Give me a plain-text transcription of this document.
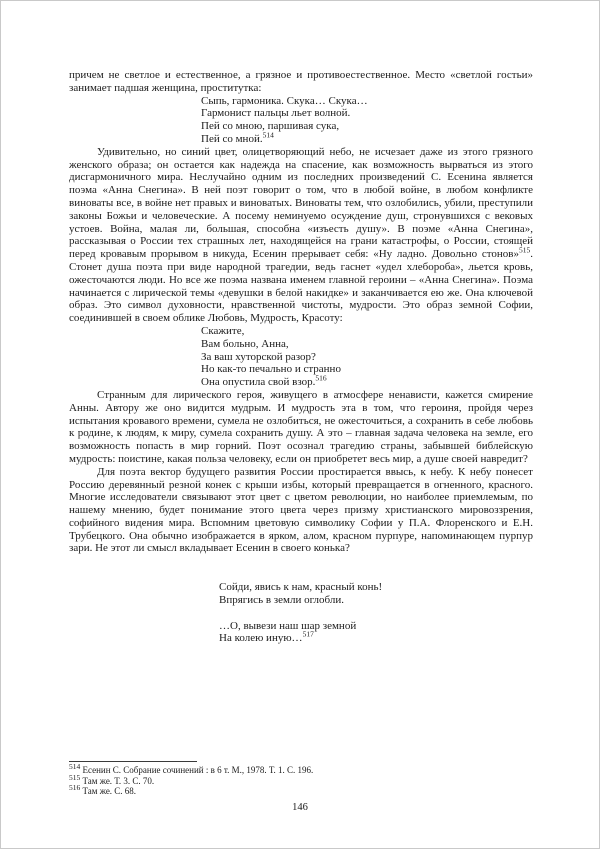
причем не светлое и естественное, а грязное и противоестественное. Место «светлой гостьи» занимает падшая женщина, проститутка:

Сыпь, гармоника. Скука… Скука…
Гармонист пальцы льет волной.
Пей со мною, паршивая сука,
Пей со мной.$^{514}$

Удивительно, но синий цвет, олицетворяющий небо, не исчезает даже из этого грязного женского образа; он остается как надежда на спасение, как возможность вырваться из этого дисгармоничного мира. Неслучайно одним из последних произведений С. Есенина является поэма «Анна Снегина». В ней поэт говорит о том, что в любой войне, в любом конфликте виноваты все, в войне нет правых и виноватых. Виноваты тем, что озлобились, убили, преступили законы Божьи и человеческие. А посему неминуемо осуждение душ, стронувшихся с вековых устоев. Война, малая ли, большая, способна «изъесть душу». В поэме «Анна Снегина», рассказывая о России тех страшных лет, находящейся на грани катастрофы, о России, стоящей перед кровавым прорывом в никуда, Есенин прерывает себя: «Ну ладно. Довольно стонов»$^{515}$. Стонет душа поэта при виде народной трагедии, ведь гаснет «удел хлебороба», льется кровь, ожесточаются люди. Но все же поэма названа именем главной героини – «Анна Снегина». Поэма начинается с лирической темы «девушки в белой накидке» и заканчивается ею же. Она ключевой образ. Это символ духовности, нравственной чистоты, мудрости. Это образ земной Софии, соединившей в своем облике Любовь, Мудрость, Красоту:

Скажите,
Вам больно, Анна,
За ваш хуторской разор?
Но как-то печально и странно
Она опустила свой взор.$^{516}$

Странным для лирического героя, живущего в атмосфере ненависти, кажется смирение Анны. Автору же оно видится мудрым. И мудрость эта в том, что героиня, пройдя через испытания кровавого времени, сумела не озлобиться, не ожесточиться, а сохранить в себе любовь к родине, к людям, к миру, сумела сохранить душу. А это – главная задача человека на земле, его возможность попасть в мир горний. Поэт осознал трагедию страны, забывшей библейскую мудрость: поистине, какая польза человеку, если он приобретет весь мир, а душе своей навредит?

Для поэта вектор будущего развития России простирается ввысь, к небу. К небу понесет Россию деревянный резной конек с крыши избы, который превращается в огненного, красного. Многие исследователи связывают этот цвет с цветом революции, но наиболее приемлемым, по нашему мнению, будет понимание этого цвета через призму христианского мировоззрения, софийного видения мира. Вспомним цветовую символику Софии у П.А. Флоренского и Е.Н. Трубецкого. Она обычно изображается в ярком, алом, красном пурпуре, напоминающем пурпур зари. Не этот ли смысл вкладывает Есенин в своего конька?

Сойди, явись к нам, красный конь!
Впрягись в земли оглобли.

…О, вывези наш шар земной
На колею иную…$^{517}$
$^{514}$ Есенин С. Собрание сочинений : в 6 т. М., 1978. Т. 1. С. 196.
$^{515}$ Там же. Т. 3. С. 70.
$^{516}$ Там же. С. 68.
146
